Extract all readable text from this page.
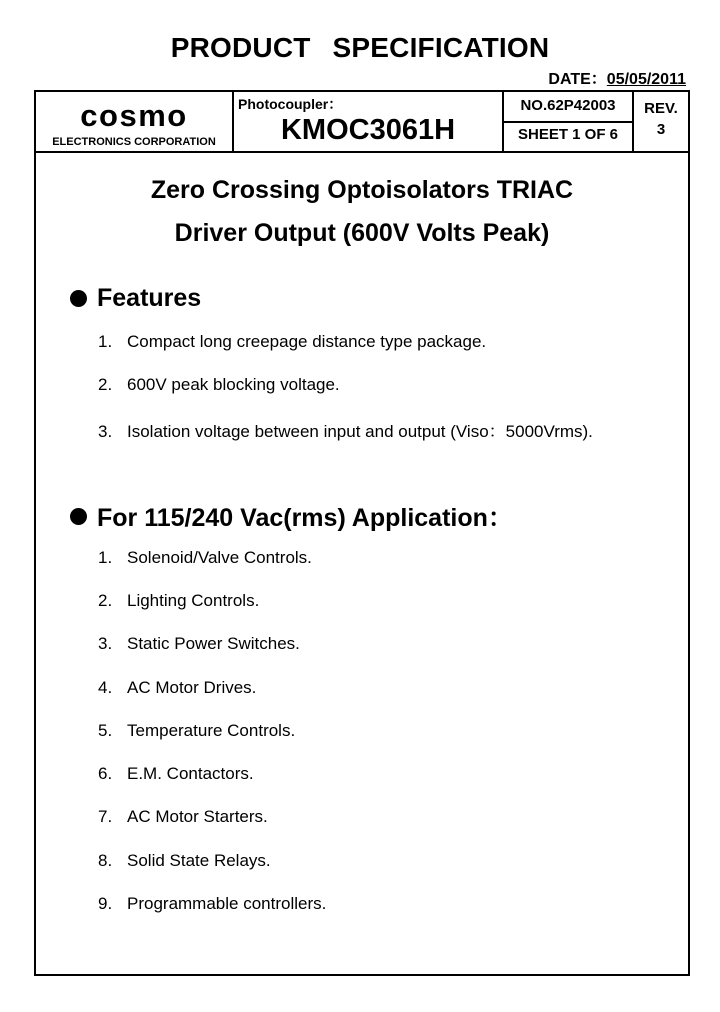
PRODUCT SPECIFICATION
DATE：05/05/2011
cosmo
ELECTRONICS CORPORATION
Photocoupler：
KMOC3061H
NO.62P42003
SHEET 1 OF 6
REV.
3
Zero Crossing Optoisolators TRIAC
Driver Output (600V Volts Peak)
Features
1. Compact long creepage distance type package.
2. 600V peak blocking voltage.
3. Isolation voltage between input and output (Viso：5000Vrms).
For 115/240 Vac(rms) Application：
1. Solenoid/Valve Controls.
2. Lighting Controls.
3. Static Power Switches.
4. AC Motor Drives.
5. Temperature Controls.
6. E.M. Contactors.
7. AC Motor Starters.
8. Solid State Relays.
9. Programmable controllers.
